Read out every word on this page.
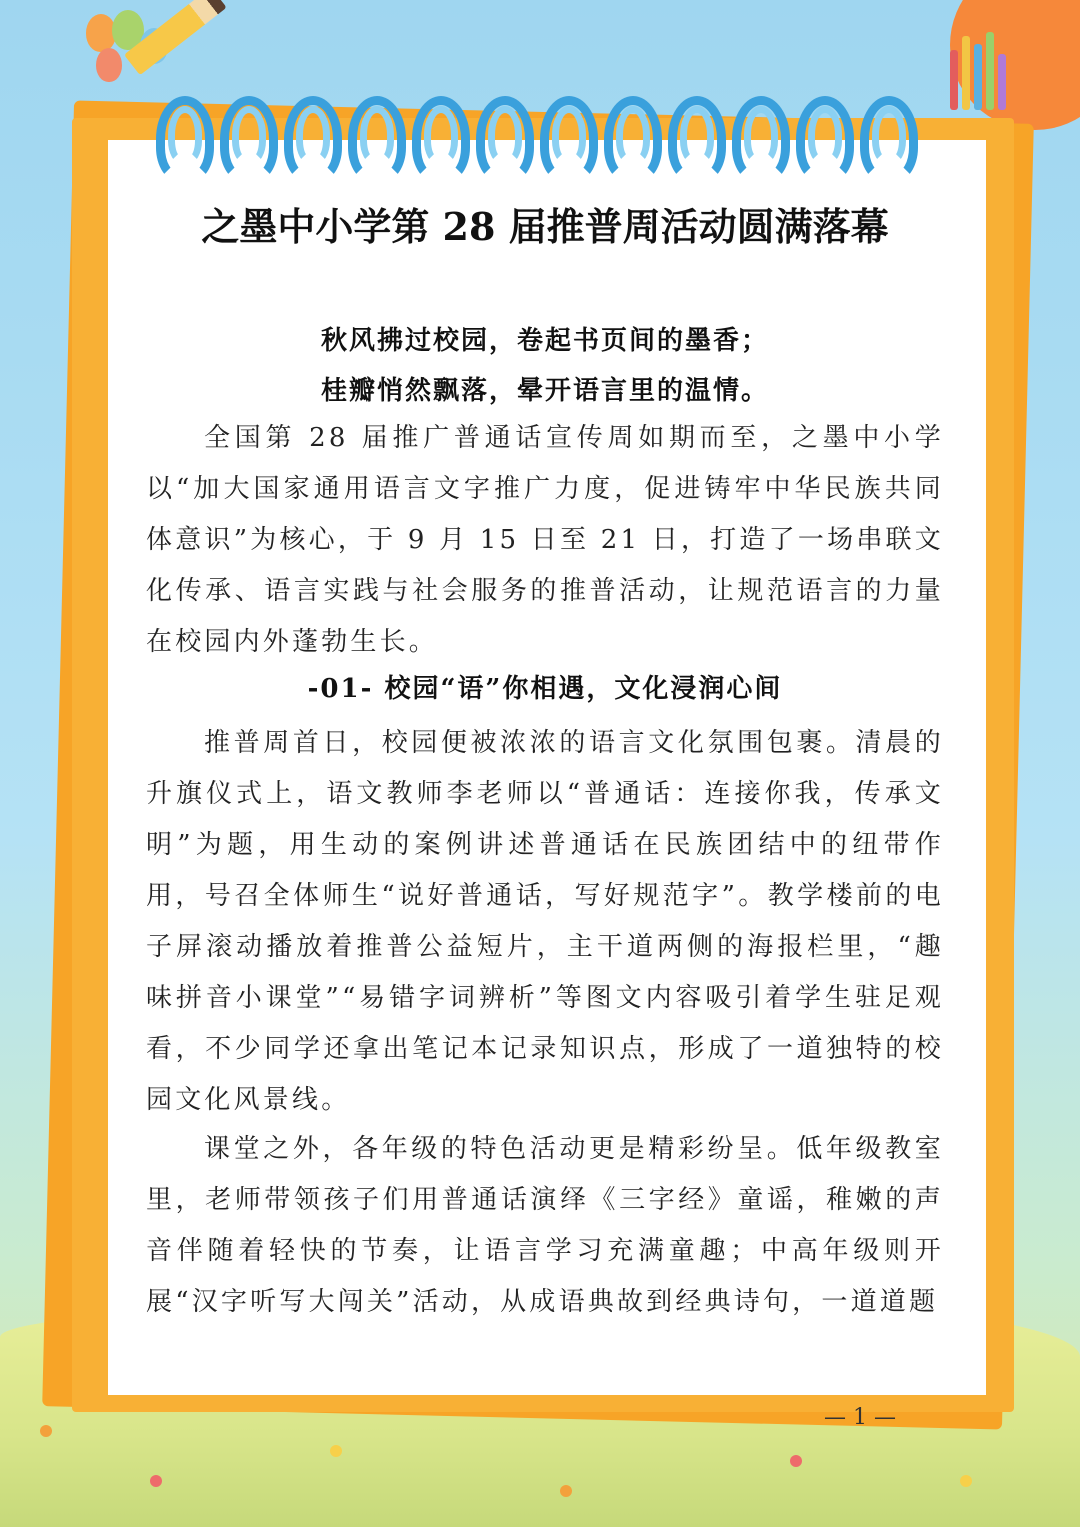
之墨中小学第 28 届推普周活动圆满落幕
秋风拂过校园，卷起书页间的墨香；
桂瓣悄然飘落，晕开语言里的温情。

全国第 28 届推广普通话宣传周如期而至，之墨中小学以“加大国家通用语言文字推广力度，促进铸牢中华民族共同体意识”为核心，于 9 月 15 日至 21 日，打造了一场串联文化传承、语言实践与社会服务的推普活动，让规范语言的力量在校园内外蓬勃生长。

-01- 校园“语”你相遇，文化浸润心间

推普周首日，校园便被浓浓的语言文化氛围包裹。清晨的升旗仪式上，语文教师李老师以“普通话：连接你我，传承文明”为题，用生动的案例讲述普通话在民族团结中的纽带作用，号召全体师生“说好普通话，写好规范字”。教学楼前的电子屏滚动播放着推普公益短片，主干道两侧的海报栏里，“趣味拼音小课堂”“易错字词辨析”等图文内容吸引着学生驻足观看，不少同学还拿出笔记本记录知识点，形成了一道独特的校园文化风景线。

课堂之外，各年级的特色活动更是精彩纷呈。低年级教室里，老师带领孩子们用普通话演绎《三字经》童谣，稚嫩的声音伴随着轻快的节奏，让语言学习充满童趣；中高年级则开展“汉字听写大闯关”活动，从成语典故到经典诗句，一道道题

— 1 —
